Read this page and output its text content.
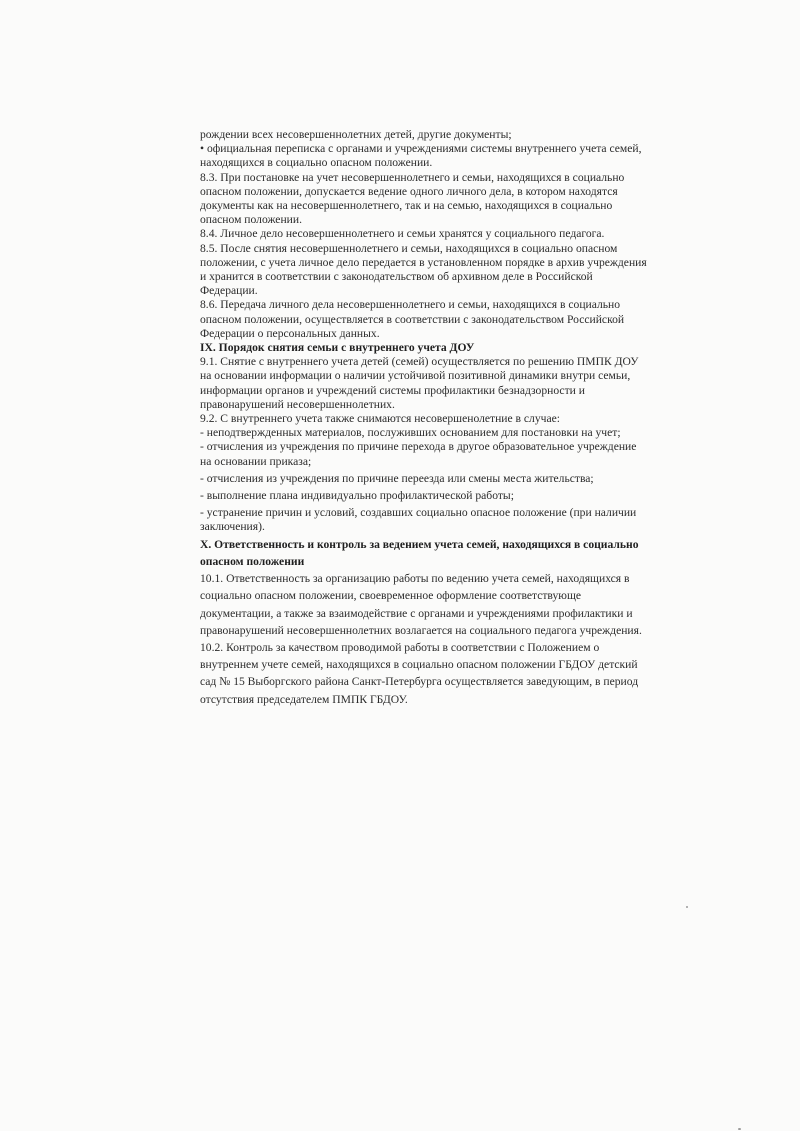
рождении всех несовершеннолетних детей, другие документы;
• официальная переписка с органами и учреждениями системы внутреннего учета семей,
находящихся в социально опасном положении.
8.3. При постановке на учет несовершеннолетнего и семьи, находящихся в социально
опасном положении, допускается ведение одного личного дела, в котором находятся
документы как на несовершеннолетнего, так и на семью, находящихся в социально
опасном положении.
8.4. Личное дело несовершеннолетнего и семьи хранятся у социального педагога.
8.5. После снятия несовершеннолетнего и семьи, находящихся в социально опасном
положении, с учета личное дело передается в установленном порядке в архив учреждения
и хранится в соответствии с законодательством об архивном деле в Российской
Федерации.
8.6. Передача личного дела несовершеннолетнего и семьи, находящихся в социально
опасном положении, осуществляется в соответствии с законодательством Российской
Федерации о персональных данных.
IX. Порядок снятия семьи с внутреннего учета ДОУ
9.1. Снятие с внутреннего учета детей (семей) осуществляется по решению ПМПК ДОУ
на основании информации о наличии устойчивой позитивной динамики внутри семьи,
информации органов и учреждений системы профилактики безнадзорности и
правонарушений несовершеннолетних.
9.2. С внутреннего учета также снимаются несовершенолетние в случае:
- неподтвержденных материалов, послуживших основанием для постановки на учет;
- отчисления из учреждения по причине перехода в другое образовательное учреждение
на основании приказа;
- отчисления из учреждения по причине переезда или смены места жительства;
- выполнение плана индивидуально профилактической работы;
- устранение причин и условий, создавших социально опасное положение (при наличии
заключения).
X. Ответственность и контроль за ведением учета семей, находящихся в социально
опасном положении
10.1. Ответственность за организацию работы по ведению учета семей, находящихся в
социально опасном положении, своевременное оформление соответствующе
документации, а также за взаимодействие с органами и учреждениями профилактики и
правонарушений несовершеннолетних возлагается на социального педагога учреждения.
10.2. Контроль за качеством проводимой работы в соответствии с Положением о
внутреннем учете семей, находящихся в социально опасном положении ГБДОУ детский
сад № 15 Выборгского района Санкт-Петербурга осуществляется заведующим, в период
отсутствия председателем ПМПК ГБДОУ.
